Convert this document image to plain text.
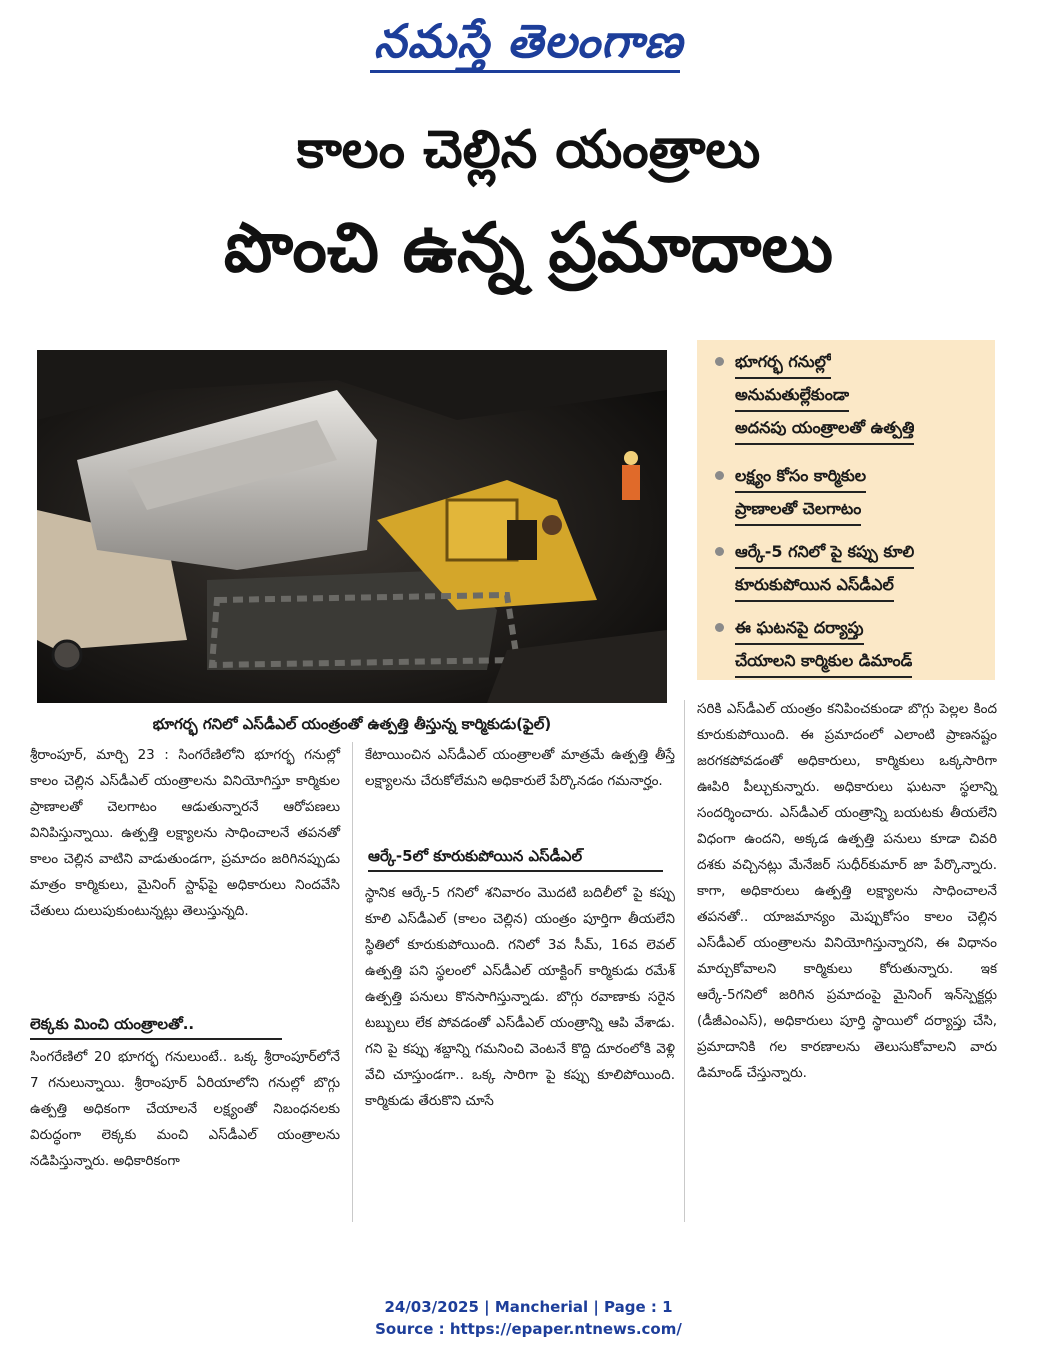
నమస్తే తెలంగాణ
కాలం చెల్లిన యంత్రాలు
పొంచి ఉన్న ప్రమాదాలు
భూగర్భ గనిలో ఎస్‌డీఎల్ యంత్రంతో ఉత్పత్తి తీస్తున్న కార్మికుడు(ఫైల్)
భూగర్భ గనుల్లో
అనుమతుల్లేకుండా
అదనపు యంత్రాలతో ఉత్పత్తి
లక్ష్యం కోసం కార్మికుల
ప్రాణాలతో చెలగాటం
ఆర్కే-5 గనిలో పై కప్పు కూలి
కూరుకుపోయిన ఎస్‌డీఎల్
ఈ ఘటనపై దర్యాప్తు
చేయాలని కార్మికుల డిమాండ్

శ్రీరాంపూర్, మార్చి 23 : సింగరేణిలోని భూగర్భ గనుల్లో కాలం చెల్లిన ఎస్‌డీఎల్ యంత్రాలను వినియోగిస్తూ కార్మికుల ప్రాణాలతో చెలగాటం ఆడుతున్నారనే ఆరోపణలు వినిపిస్తున్నాయి. ఉత్పత్తి లక్ష్యాలను సాధించాలనే తపనతో కాలం చెల్లిన వాటిని వాడుతుండగా, ప్రమాదం జరిగినప్పుడు మాత్రం కార్మికులు, మైనింగ్ స్టాఫ్‌పై అధికారులు నిందవేసి చేతులు దులుపుకుంటున్నట్లు తెలుస్తున్నది.

లెక్కకు మించి యంత్రాలతో..

సింగరేణిలో 20 భూగర్భ గనులుంటే.. ఒక్క శ్రీరాంపూర్‌లోనే 7 గనులున్నాయి. శ్రీరాంపూర్ ఏరియాలోని గనుల్లో బొగ్గు ఉత్పత్తి అధికంగా చేయాలనే లక్ష్యంతో నిబంధనలకు విరుద్ధంగా లెక్కకు మంచి ఎస్‌డీఎల్ యంత్రాలను నడిపిస్తున్నారు. అధికారికంగా

కేటాయించిన ఎస్‌డీఎల్ యంత్రాలతో మాత్రమే ఉత్పత్తి తీస్తే లక్ష్యాలను చేరుకోలేమని అధికారులే పేర్కొనడం గమనార్హం.

ఆర్కే-5లో కూరుకుపోయిన ఎస్‌డీఎల్

స్థానిక ఆర్కే-5 గనిలో శనివారం మొదటి బదిలీలో పై కప్పు కూలి ఎస్‌డీఎల్ (కాలం చెల్లిన) యంత్రం పూర్తిగా తీయలేని స్థితిలో కూరుకుపోయింది. గనిలో 3వ సీమ్, 16వ లెవల్ ఉత్పత్తి పని స్థలంలో ఎస్‌డీఎల్ యాక్టింగ్ కార్మికుడు రమేశ్ ఉత్పత్తి పనులు కొనసాగిస్తున్నాడు. బొగ్గు రవాణాకు సరైన టబ్బులు లేక పోవడంతో ఎస్‌డీఎల్ యంత్రాన్ని ఆపి వేశాడు. గని పై కప్పు శబ్దాన్ని గమనించి వెంటనే కొద్ది దూరంలోకి వెళ్లి వేచి చూస్తుండగా.. ఒక్క సారిగా పై కప్పు కూలిపోయింది. కార్మికుడు తేరుకొని చూసే

సరికి ఎస్‌డీఎల్ యంత్రం కనిపించకుండా బొగ్గు పెల్లల కింద కూరుకుపోయింది. ఈ ప్రమాదంలో ఎలాంటి ప్రాణనష్టం జరగకపోవడంతో అధికారులు, కార్మికులు ఒక్కసారిగా ఊపిరి పీల్చుకున్నారు. అధికారులు ఘటనా స్థలాన్ని సందర్శించారు. ఎస్‌డీఎల్ యంత్రాన్ని బయటకు తీయలేని విధంగా ఉందని, అక్కడ ఉత్పత్తి పనులు కూడా చివరి దశకు వచ్చినట్లు మేనేజర్ సుధీర్‌కుమార్ జా పేర్కొన్నారు. కాగా, అధికారులు ఉత్పత్తి లక్ష్యాలను సాధించాలనే తపనతో.. యాజమాన్యం మెప్పుకోసం కాలం చెల్లిన ఎస్‌డీఎల్ యంత్రాలను వినియోగిస్తున్నారని, ఈ విధానం మార్చుకోవాలని కార్మికులు కోరుతున్నారు. ఇక ఆర్కే-5గనిలో జరిగిన ప్రమాదంపై మైనింగ్ ఇన్‌స్పెక్టర్లు (డీజీఎంఎస్), అధికారులు పూర్తి స్థాయిలో దర్యాప్తు చేసి, ప్రమాదానికి గల కారణాలను తెలుసుకోవాలని వారు డిమాండ్ చేస్తున్నారు.

24/03/2025 | Mancherial | Page : 1
Source : https://epaper.ntnews.com/
